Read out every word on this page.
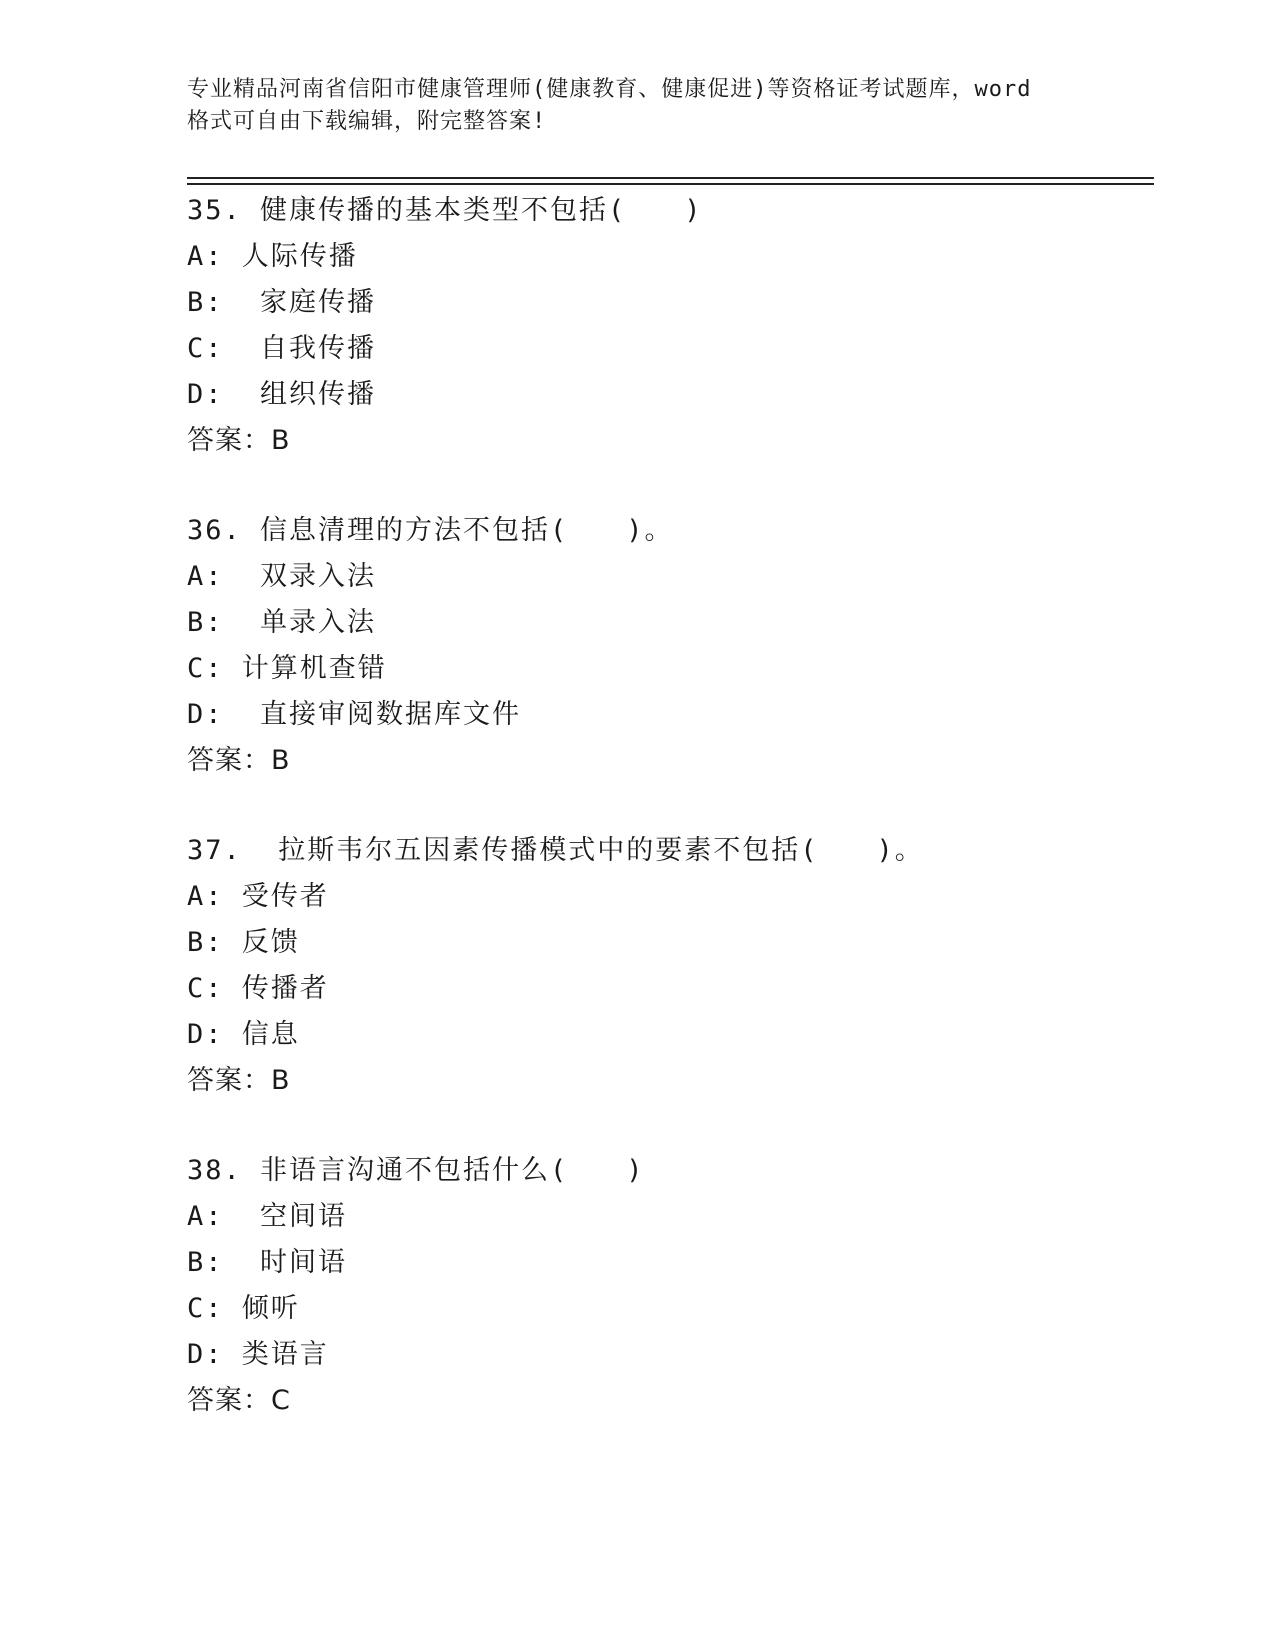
专业精品河南省信阳市健康管理师(健康教育、健康促进)等资格证考试题库，word
格式可自由下载编辑，附完整答案!
35. 健康传播的基本类型不包括(　　)
A: 人际传播
B:  家庭传播
C:  自我传播
D:  组织传播
答案：B
36. 信息清理的方法不包括(　　)。
A:  双录入法
B:  单录入法
C: 计算机查错
D:  直接审阅数据库文件
答案：B
37.  拉斯韦尔五因素传播模式中的要素不包括(　　)。
A: 受传者
B: 反馈
C: 传播者
D: 信息
答案：B
38. 非语言沟通不包括什么(　　)
A:  空间语
B:  时间语
C: 倾听
D: 类语言
答案：C
